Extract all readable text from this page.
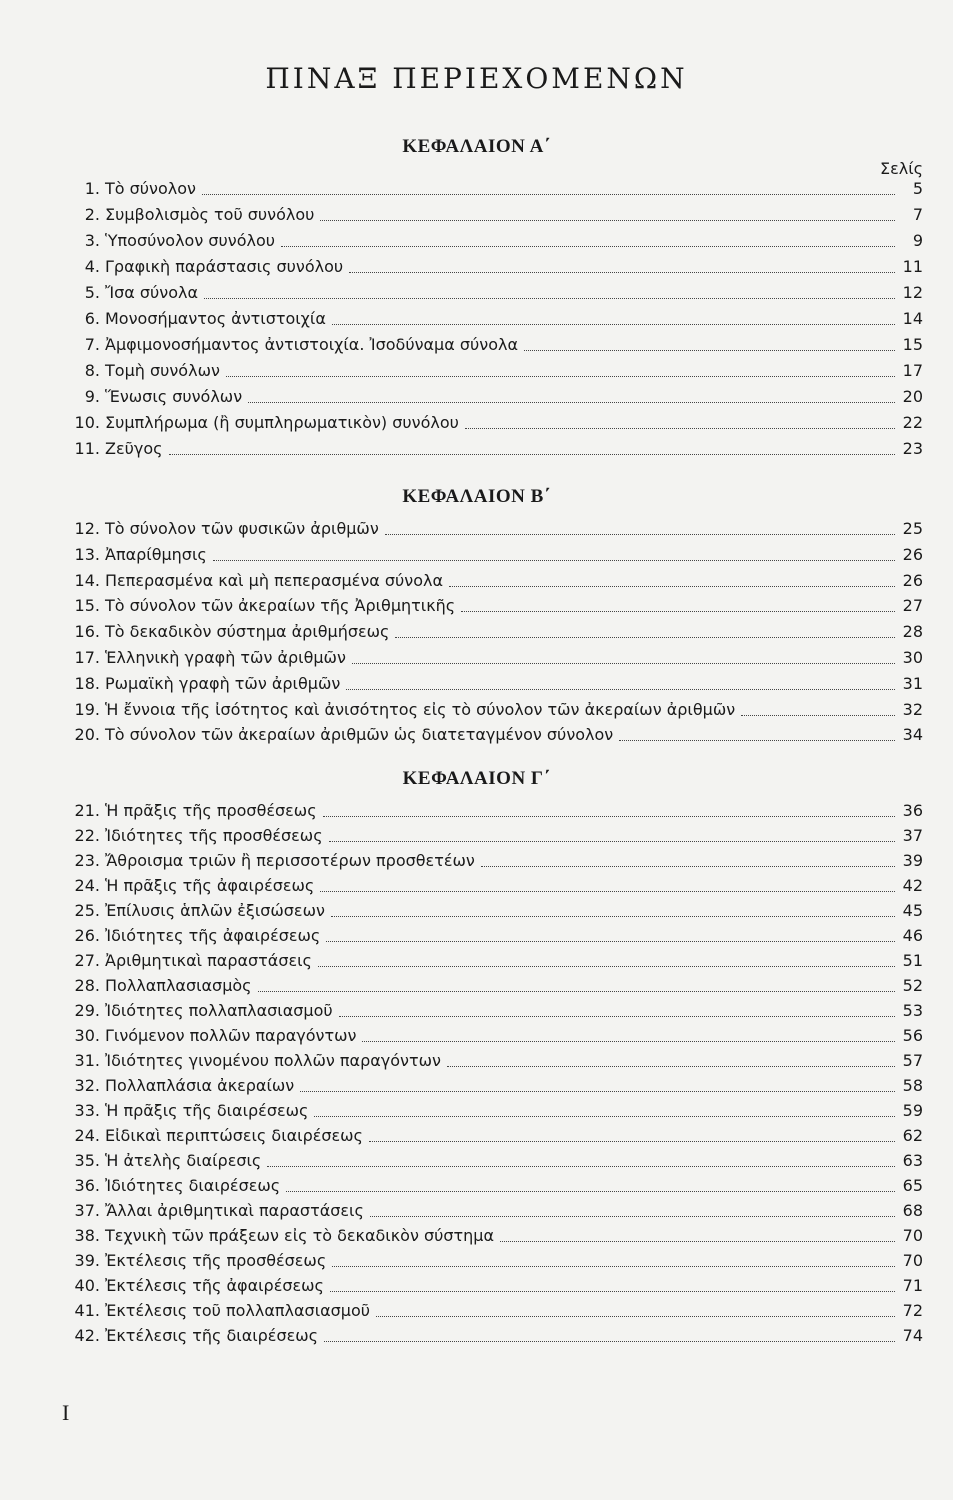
ΠΙΝΑΞ ΠΕΡΙΕΧΟΜΕΝΩΝ
ΚΕΦΑΛΑΙΟΝ Α΄
Σελίς
1. Τὸ σύνολον	5
2. Συμβολισμὸς τοῦ συνόλου	7
3. Ὑποσύνολον συνόλου	9
4. Γραφικὴ παράστασις συνόλου	11
5. Ἴσα σύνολα	12
6. Μονοσήμαντος ἀντιστοιχία	14
7. Ἀμφιμονοσήμαντος ἀντιστοιχία. Ἰσοδύναμα σύνολα	15
8. Τομὴ συνόλων	17
9. Ἕνωσις συνόλων	20
10. Συμπλήρωμα (ἢ συμπληρωματικὸν) συνόλου	22
11. Ζεῦγος	23
ΚΕΦΑΛΑΙΟΝ Β΄
12. Τὸ σύνολον τῶν φυσικῶν ἀριθμῶν	25
13. Ἀπαρίθμησις	26
14. Πεπερασμένα καὶ μὴ πεπερασμένα σύνολα	26
15. Τὸ σύνολον τῶν ἀκεραίων τῆς Ἀριθμητικῆς	27
16. Τὸ δεκαδικὸν σύστημα ἀριθμήσεως	28
17. Ἑλληνικὴ γραφὴ τῶν ἀριθμῶν	30
18. Ρωμαϊκὴ γραφὴ τῶν ἀριθμῶν	31
19. Ἡ ἔννοια τῆς ἰσότητος καὶ ἀνισότητος εἰς τὸ σύνολον τῶν ἀκεραίων ἀριθμῶν	32
20. Τὸ σύνολον τῶν ἀκεραίων ἀριθμῶν ὡς διατεταγμένον σύνολον	34
ΚΕΦΑΛΑΙΟΝ Γ΄
21. Ἡ πρᾶξις τῆς προσθέσεως	36
22. Ἰδιότητες τῆς προσθέσεως	37
23. Ἄθροισμα τριῶν ἢ περισσοτέρων προσθετέων	39
24. Ἡ πρᾶξις τῆς ἀφαιρέσεως	42
25. Ἐπίλυσις ἁπλῶν ἐξισώσεων	45
26. Ἰδιότητες τῆς ἀφαιρέσεως	46
27. Ἀριθμητικαὶ παραστάσεις	51
28. Πολλαπλασιασμὸς	52
29. Ἰδιότητες πολλαπλασιασμοῦ	53
30. Γινόμενον πολλῶν παραγόντων	56
31. Ἰδιότητες γινομένου πολλῶν παραγόντων	57
32. Πολλαπλάσια ἀκεραίων	58
33. Ἡ πρᾶξις τῆς διαιρέσεως	59
24. Εἰδικαὶ περιπτώσεις διαιρέσεως	62
35. Ἡ ἀτελὴς διαίρεσις	63
36. Ἰδιότητες διαιρέσεως	65
37. Ἄλλαι ἀριθμητικαὶ παραστάσεις	68
38. Τεχνικὴ τῶν πράξεων εἰς τὸ δεκαδικὸν σύστημα	70
39. Ἐκτέλεσις τῆς προσθέσεως	70
40. Ἐκτέλεσις τῆς ἀφαιρέσεως	71
41. Ἐκτέλεσις τοῦ πολλαπλασιασμοῦ	72
42. Ἐκτέλεσις τῆς διαιρέσεως	74
I
